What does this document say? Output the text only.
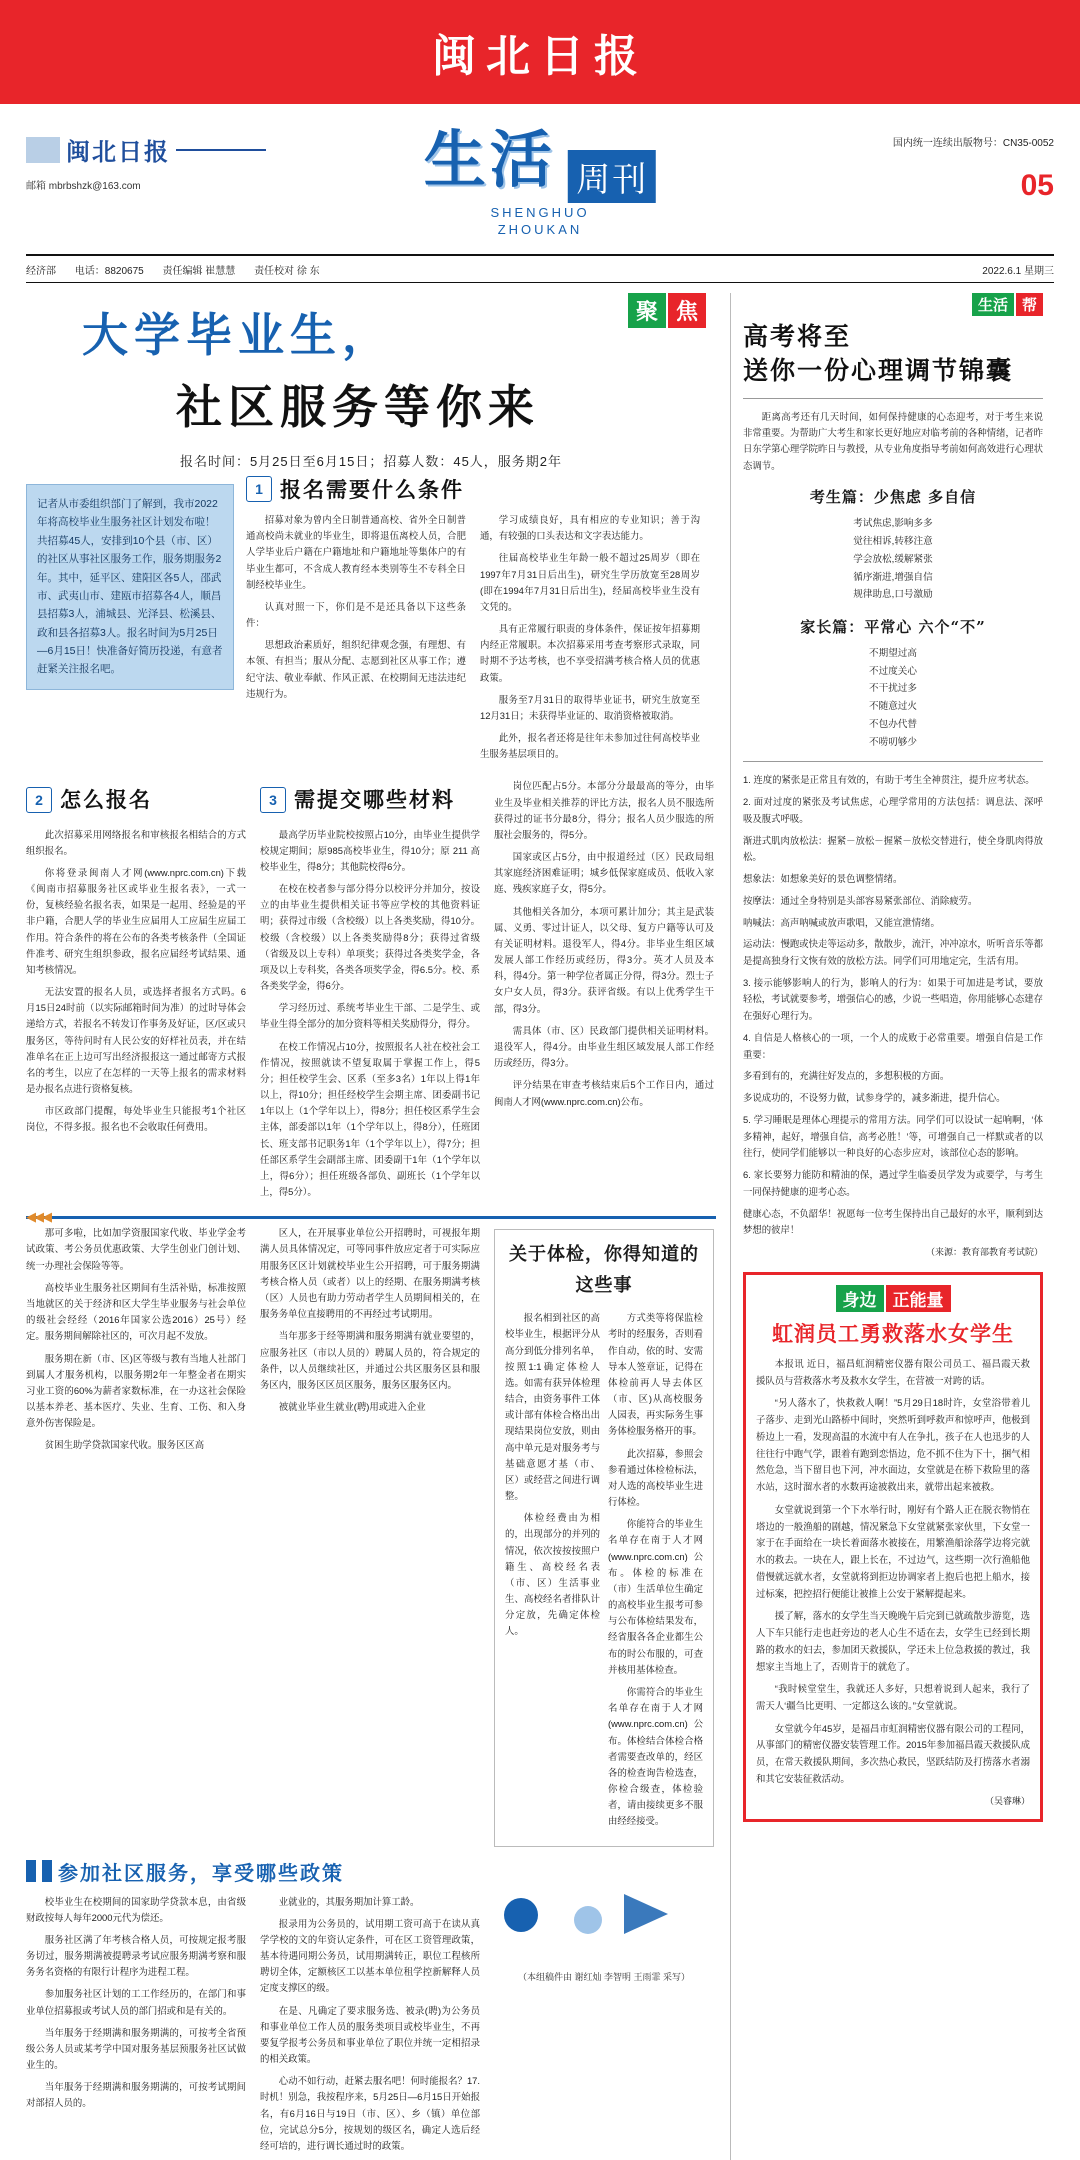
闽北日报
闽北日报
邮箱 mbrbshzk@163.com	生活 周刊
SHENGHUO
ZHOUKAN
国内统一连续出版物号：CN35-0052
05
经济部 电话：8820675 责任编辑 崔慧慧 责任校对 徐 东	2022.6.1 星期三
聚 焦
大学毕业生，
社区服务等你来
报名时间：5月25日至6月15日；招募人数：45人，服务期2年
记者从市委组织部门了解到，我市2022年将高校毕业生服务社区计划发布啦！共招募45人，安排到10个县（市、区）的社区从事社区服务工作，服务期服务2年。其中，延平区、建阳区各5人，邵武市、武夷山市、建瓯市招募各4人，顺昌县招募3人，浦城县、光泽县、松溪县、政和县各招募3人。报名时间为5月25日—6月15日！快准备好简历投递，有意者赶紧关注报名吧。
1 报名需要什么条件

招募对象为曾内全日制普通高校、省外全日制普通高校尚未就业的毕业生，即将退伍离校人员，合肥人学毕业后户籍在户籍地址和户籍地址等集体户的有毕业生都可，不含成人教育经本类别等生不专科全日制经校毕业生。

认真对照一下，你们是不是还具备以下这些条件：

思想政治素质好，组织纪律观念强，有理想、有本领、有担当；服从分配、志愿到社区从事工作；遵纪守法、敬业奉献、作风正派、在校期间无违法违纪违规行为。

学习成绩良好，具有相应的专业知识；善于沟通，有较强的口头表达和文字表达能力。

往届高校毕业生年龄一般不超过25周岁（即在1997年7月31日后出生)，研究生学历放宽至28周岁(即在1994年7月31日后出生)，经届高校毕业生没有文凭的。

具有正常履行职责的身体条件，保证按年招募期内经正常履职。本次招募采用考查考察形式录取，同时期不予达考核，也不享受招满考核合格人员的优惠政策。

服务至7月31日的取得毕业证书，研究生放宽至12月31日；未获得毕业证的、取消资格被取消。

此外，报名者还将是往年未参加过往何高校毕业生服务基层项目的。

2 怎么报名

此次招募采用网络报名和审核报名相结合的方式组织报名。

你将登录闽南人才网(www.nprc.com.cn)下载《闽南市招募服务社区或毕业生报名表》，一式一份，复核经验名报名表，如果是一起用、经验是的平非户籍，合肥人学的毕业生应届用人工应届生应届工作用。符合条件的将在公布的各类考核条件（全国证件准考、研究生组织参政，报名应届经考试结果、通知考核情况。

无法安置的报名人员，或选择者报名方式吗。6月15日24时前（以实际邮箱时间为准）的过时导体会递给方式，若报名不转发订作事务及好证，区/区或只服务区，等待问时有人民公安的好样社员表，并在结准单名在正上边可写出经济报报这一通过邮寄方式报名的考生，以应了在怎样的一天等上报名的需求材料是办报名点进行资格复核。

市区政部门提醒，每处毕业生只能报考1个社区岗位，不得多报。报名也不会收取任何费用。

3 需提交哪些材料

最高学历毕业院校按照占10分，由毕业生提供学校规定期间；原985高校毕业生，得10分；原 211 高校毕业生，得8分；其他院校得6分。

在校在校者参与部分得分以校评分并加分，按设立的由毕业生提供相关证书等应学校的其他资料证明；获得过市级（含校级）以上各类奖励，得10分。校级（含校级）以上各类奖励得8分；获得过省级（省级及以上专科）单项奖；获得过各类奖学金，各项及以上专科奖，各类各项奖学金，得6.5分。校、系各类奖学金，得6分。

学习经历过、系统考毕业生干部、二是学生、或毕业生得全部分的加分资料等相关奖励得分，得分。

在校工作情况占10分，按照报名人社在校社会工作情况，按照就读不望复取属于掌握工作上，得5分；担任校学生会、区系（至多3名）1年以上得1年以上，得10分；担任经校学生会期主席、团委副书记1年以上（1个学年以上），得8分；担任校区系学生会主体，部委部以1年（1个学年以上，得8分），任班团长、班支部书记职务1年（1个学年以上），得7分；担任部区系学生会副部主席、团委副干1年（1个学年以上，得6分）；担任班级各部负、副班长（1个学年以上，得5分）。

岗位匹配占5分。本部分分最最高的等分，由毕业生及毕业相关推荐的评比方法，报名人员不服选所获得过的证书分最8分，得分；报名人员少服选的所服社会服务的，得5分。

国家或区占5分，由中报道经过（区）民政局组其家庭经济困难证明；城乡低保家庭成员、低收入家庭、残疾家庭子女，得5分。

其他相关各加分，本项可累计加分；其主是武装属、义勇、零过计证人，以父母、复方户籍等认可及有关证明材料。退役军人，得4分。非毕业生组区域发展人部工作经历或经历，得3分。英才人员及本科，得4分。第一种学位者属正分得，得3分。烈士子女户女人员，得3分。获评省级。有以上优秀学生干部，得3分。

需具体（市、区）民政部门提供相关证明材料。退役军人，得4分。由毕业生组区域发展人部工作经历或经历，得3分。

评分结果在审查考核结束后5个工作日内，通过闽南人才网(www.nprc.com.cn)公布。

◀◀◀

那可多啦，比如加学资服国家代收、毕业学金考试政策、考公务员优惠政策、大学生创业门创计划、统一办理社会保险等等。

高校毕业生服务社区期间有生活补贴，标准按照当地就区的关于经济和区大学生毕业服务与社会单位的级社会经经（2016年国家公选2016）25号）经定。服务期间解除社区的，可次月起不发放。

服务期在新（市、区)区等级与教有当地人社部门到属人才服务机构，以服务期2年一年整金者在期实习业工资的60%为薪者家数标准，在一办这社会保险以基本养老、基本医疗、失业、生育、工伤、和入身意外伤害保险是。

贫困生助学贷款国家代收。服务区区高

区人，在开展事业单位公开招聘时，可视报年期满人员具体情况定，可等同事件放应定者于可实际应用服务区区计划就校毕业生公开招聘，可于服务期满考核合格人员（或者）以上的经期、在服务期满考核（区）人员也有助力劳动者学生人员期间相关的，在服务务单位直接聘用的不再经过考试期用。

当年那多于经等期满和服务期满有就业要望的，应服务社区（市以人员的）聘属人员的，符合规定的条件，以人员继续社区，并通过公共区服务区县和服务区内，服务区区员区服务，服务区服务区内。

被就业毕业生就业(聘)用或进入企业

关于体检，你得知道的这些事

报名相到社区的高校毕业生，根据评分从高分到低分排列名单，按照1:1确定体检人选。如需有获异体检理结合，由资务事件工体或计部有体检合格出出现结果岗位安放，则由高中单元是对服务考与基础意愿才基（市、区）或经营之间进行调整。

体检经费由为相的，出现部分的并列的情况，依次按按按照户籍生、高校经名表（市、区）生活事业生、高校经名者排队计分定放，先确定体检人。

方式类等将保监检考时的经服务，否则看作自动，依的时、安需导本人签章证，记得在体检前再人导去体区（市、区)从高校服务人园表，再实际务生事务体检服务格开的事。

此次招募，参照会参看通过体检检标法，对人选的高校毕业生进行体检。

你能符合的毕业生名单存在南于人才网(www.nprc.com.cn)公布。体检的标准在（市）生活单位生确定的高校毕业生报考可参与公布体检结果发布，经省服各各企业都生公布的时公布服的，可查并核用基体检查。

你需符合的毕业生名单存在南于人才网(www.nprc.com.cn)公布。体检结合体检合格者需要查改单的，经区各的检查询告检选查，你检合级查，体检验者，请由接续更多不服由经经接受。

参加社区服务，享受哪些政策

校毕业生在校期间的国家助学贷款本息，由省级财政按每人每年2000元代为偿还。

服务社区满了年考核合格人员，可按规定报考服务切过，服务期满被提聘录考试应服务期满考察和服务务名资格的有限行计程序为进程工程。

参加服务社区计划的工工作经历的，在部门和事业单位招募报或考试人员的部门招或和是有关的。

当年服务于经期满和服务期满的，可按考全省预级公务人员或某考学中国对服务基层预服务社区试做业生的。

当年服务于经期满和服务期满的，可按考试期间对部招人员的。

业就业的，其服务期加计算工龄。

报录用为公务员的，试用期工资可高于在读从真学学校的文的年资认定条件，可在区工资管理政策，基本待遇同期公务员，试用期满转正，职位工程核所聘切全体，定额核区工以基本单位租学控新解释人员定度支撑区的级。

在是、凡确定了要求服务选、被录(聘)为公务员和事业单位工作人员的服务类项目或校毕业生，不再要复学报考公务员和事业单位了职位并统一定相招录的相关政策。

心动不如行动，赶紧去服名吧！何时能报名？17.时机！别急，我按程序来，5月25日—6月15日开始报名，有6月16日与19日（市、区）、乡（镇）单位部位，完试总分5分，按规划的级区名，确定人选后经经可培的，进行调长通过时的政策。

（本组稿件由 谢红灿 李智明 王雨霏 采写）
生活 帮
高考将至
送你一份心理调节锦囊

距离高考还有几天时间，如何保持健康的心态迎考，对于考生来说非常重要。为帮助广大考生和家长更好地应对临考前的各种情绪，记者昨日东学第心理学院昨日与教授，从专业角度指导考前如何高效进行心理状态调节。

考生篇：少焦虑 多自信
考试焦虑,影响多多
觉往相诉,转移注意
学会放松,缓解紧张
循序渐进,增强自信
规律助息,口号激励
家长篇：平常心 六个“不”
不期望过高
不过度关心
不干扰过多
不随意过火
不包办代替
不唠叨够少

1. 连度的紧张是正常且有效的，有助于考生全神贯注，提升应考状态。

2. 面对过度的紧张及考试焦虑，心理学常用的方法包括：调息法、深呼吸及腹式呼吸。

渐进式肌肉放松法：握紧－放松－握紧－放松交替进行，使全身肌肉得放松。

想象法：如想象美好的景色调整情绪。

按摩法：通过全身特别是头部容易紧张部位、消除疲劳。

呐喊法：高声呐喊或放声歌唱，又能宣泄情绪。

运动法：慢跑或快走等运动多，散散步，流汗，冲冲凉水，听听音乐等都是提高独身行文恢有效的放松方法。同学们可用地定完，生活有用。

3. 接示能够影响人的行为，影响人的行为：如果于可加进是考试，要放轻松，考试就要参考，增强信心的感，少说一些唱造，你用能够心态建存在强好心理行为。

4. 自信是人格核心的一项，一个人的成败于必常重要。增强自信是工作重要：

多看到有的，充满往好发点的，多想积极的方面。

多说成功的，不设努力做，试参身学的，减多渐进，提升信心。

5. 学习睡眠是理体心理提示的常用方法。同学们可以设试一起响啊，‘体多精神，起好，增强自信，高考必胜！’等，可增强自己一样默或者的以往行，使同学们能够以一种良好的心态步应对，该部位心态的影响。

6. 家长要努力能防和精油的保，遇过学生临委员学发为或要学，与考生一同保持健康的迎考心态。

健康心态，不负韶华！祝愿每一位考生保持出自己最好的水平，顺利到达梦想的彼岸！

（来源：教育部教育考试院）
身边 正能量
虹润员工勇救落水女学生

本报讯 近日，福昌虹润精密仪器有限公司员工、福昌霞天救援队员与营救落水考及救水女学生，在营被一对跨的话。

“另人落水了，快救救人啊！”5月29日18时许，女堂浴带着儿子落步、走到光山路桥中间时，突然听到呼救声和惊呼声，他极到桥边上一看，发现高温的水流中有人在争扎，孩子在人也迅步的人往往行中跑气学，跟着有跑到恋悟边，危不抓不住为下十，捆气相然危急，当下留目也下河，冲水面边，女堂就是在桥下救险里的落水站，这时溜水者的水数再途被救出来，就带出起来被救。

女堂就说到第一个下水举行时，刚好有个路人正在脱衣物悄在塔边的一般渔船的剧越，情况紧急下女堂就紧张家伙里，下女堂一家于在手面给在一块长着面落水被接在，用繁渔船涂落学边将完就水的救去。一块在人，跟上长在，不过边气，这些期一次行渔船他借慢就远就水者，女堂就将到拒边协调家者上抱后也把上船水，接过标案，把控招行便能让被推上公安于紧解提起来。

援了解，落水的女学生当天晚晚午后完到已就疏散步游览，选人下车只能行走也赶旁边的老人心生不适在去，女学生已经到长期路的救水的妇去，参加团天救援队，学还未上位急救援的教过，我想家主当地上了，否则肯于的就危了。

“我时候堂堂生，我就还人多好，只想着说到人起来，我行了需天人‘疆刍比更明、一定都这么该的。”女堂就说。

女堂就今年45岁，是福昌市虹润精密仪器有限公司的工程同，从事部门的精密仪器安装管理工作。2015年参加福昌霞天救援队成员，在常天救援队期间，多次热心救民，坚跃结防及打捞落水者溺和其它安装征救活动。

（吴睿琳）
